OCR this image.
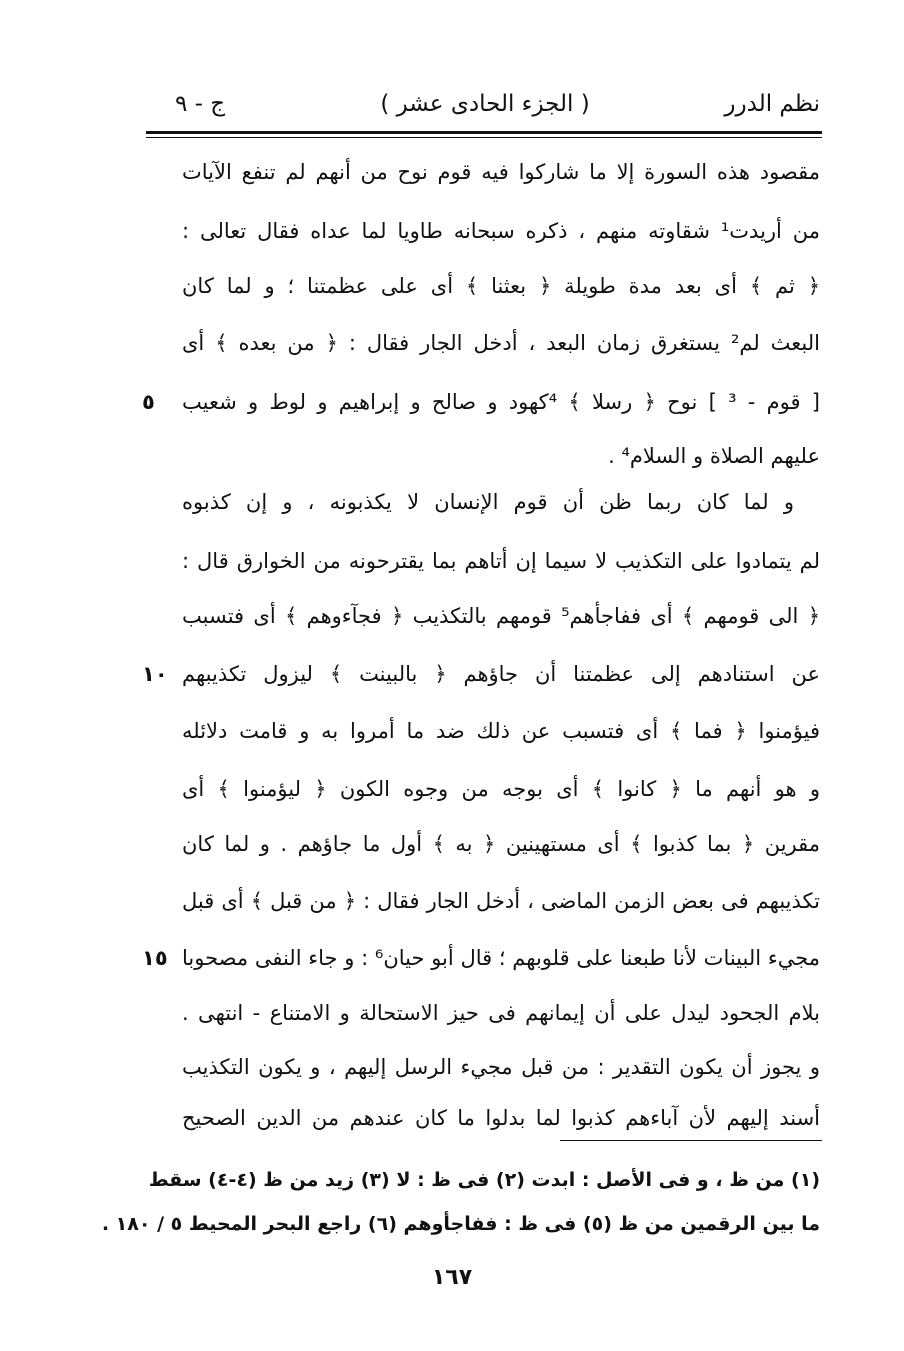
نظم الدرر
( الجزء الحادى عشر )
ج - ٩
مقصود هذه السورة إلا ما شاركوا فيه قوم نوح من أنهم لم تنفع الآيات
من أريدت¹ شقاوته منهم ، ذكره سبحانه طاويا لما عداه فقال تعالى :
﴿ ثم ﴾ أى بعد مدة طويلة ﴿ بعثنا ﴾ أى على عظمتنا ؛ و لما كان
البعث لم² يستغرق زمان البعد ، أدخل الجار فقال : ﴿ من بعده ﴾ أى
[ قوم - ³ ] نوح ﴿ رسلا ﴾ ⁴كهود و صالح و إبراهيم و لوط و شعيب
٥
عليهم الصلاة و السلام⁴ .
و لما كان ربما ظن أن قوم الإنسان لا يكذبونه ، و إن كذبوه
لم يتمادوا على التكذيب لا سيما إن أتاهم بما يقترحونه من الخوارق قال :
﴿ الى قومهم ﴾ أى ففاجأهم⁵ قومهم بالتكذيب ﴿ فجآءوهم ﴾ أى فتسبب
عن استنادهم إلى عظمتنا أن جاؤهم ﴿ بالبينت ﴾ ليزول تكذيبهم
١٠
فيؤمنوا ﴿ فما ﴾ أى فتسبب عن ذلك ضد ما أمروا به و قامت دلائله
و هو أنهم ما ﴿ كانوا ﴾ أى بوجه من وجوه الكون ﴿ ليؤمنوا ﴾ أى
مقرين ﴿ بما كذبوا ﴾ أى مستهينين ﴿ به ﴾ أول ما جاؤهم . و لما كان
تكذيبهم فى بعض الزمن الماضى ، أدخل الجار فقال : ﴿ من قبل ﴾ أى قبل
مجيء البينات لأنا طبعنا على قلوبهم ؛ قال أبو حيان⁶ : و جاء النفى مصحوبا
١٥
بلام الجحود ليدل على أن إيمانهم فى حيز الاستحالة و الامتناع - انتهى .
و يجوز أن يكون التقدير : من قبل مجيء الرسل إليهم ، و يكون التكذيب
أسند إليهم لأن آباءهم كذبوا لما بدلوا ما كان عندهم من الدين الصحيح
(١) من ظ ، و فى الأصل : ابدت (٢) فى ظ : لا (٣) زيد من ظ (٤-٤) سقط
ما بين الرقمين من ظ (٥) فى ظ : ففاجأوهم (٦) راجع البحر المحيط ٥ / ١٨٠ .
١٦٧
